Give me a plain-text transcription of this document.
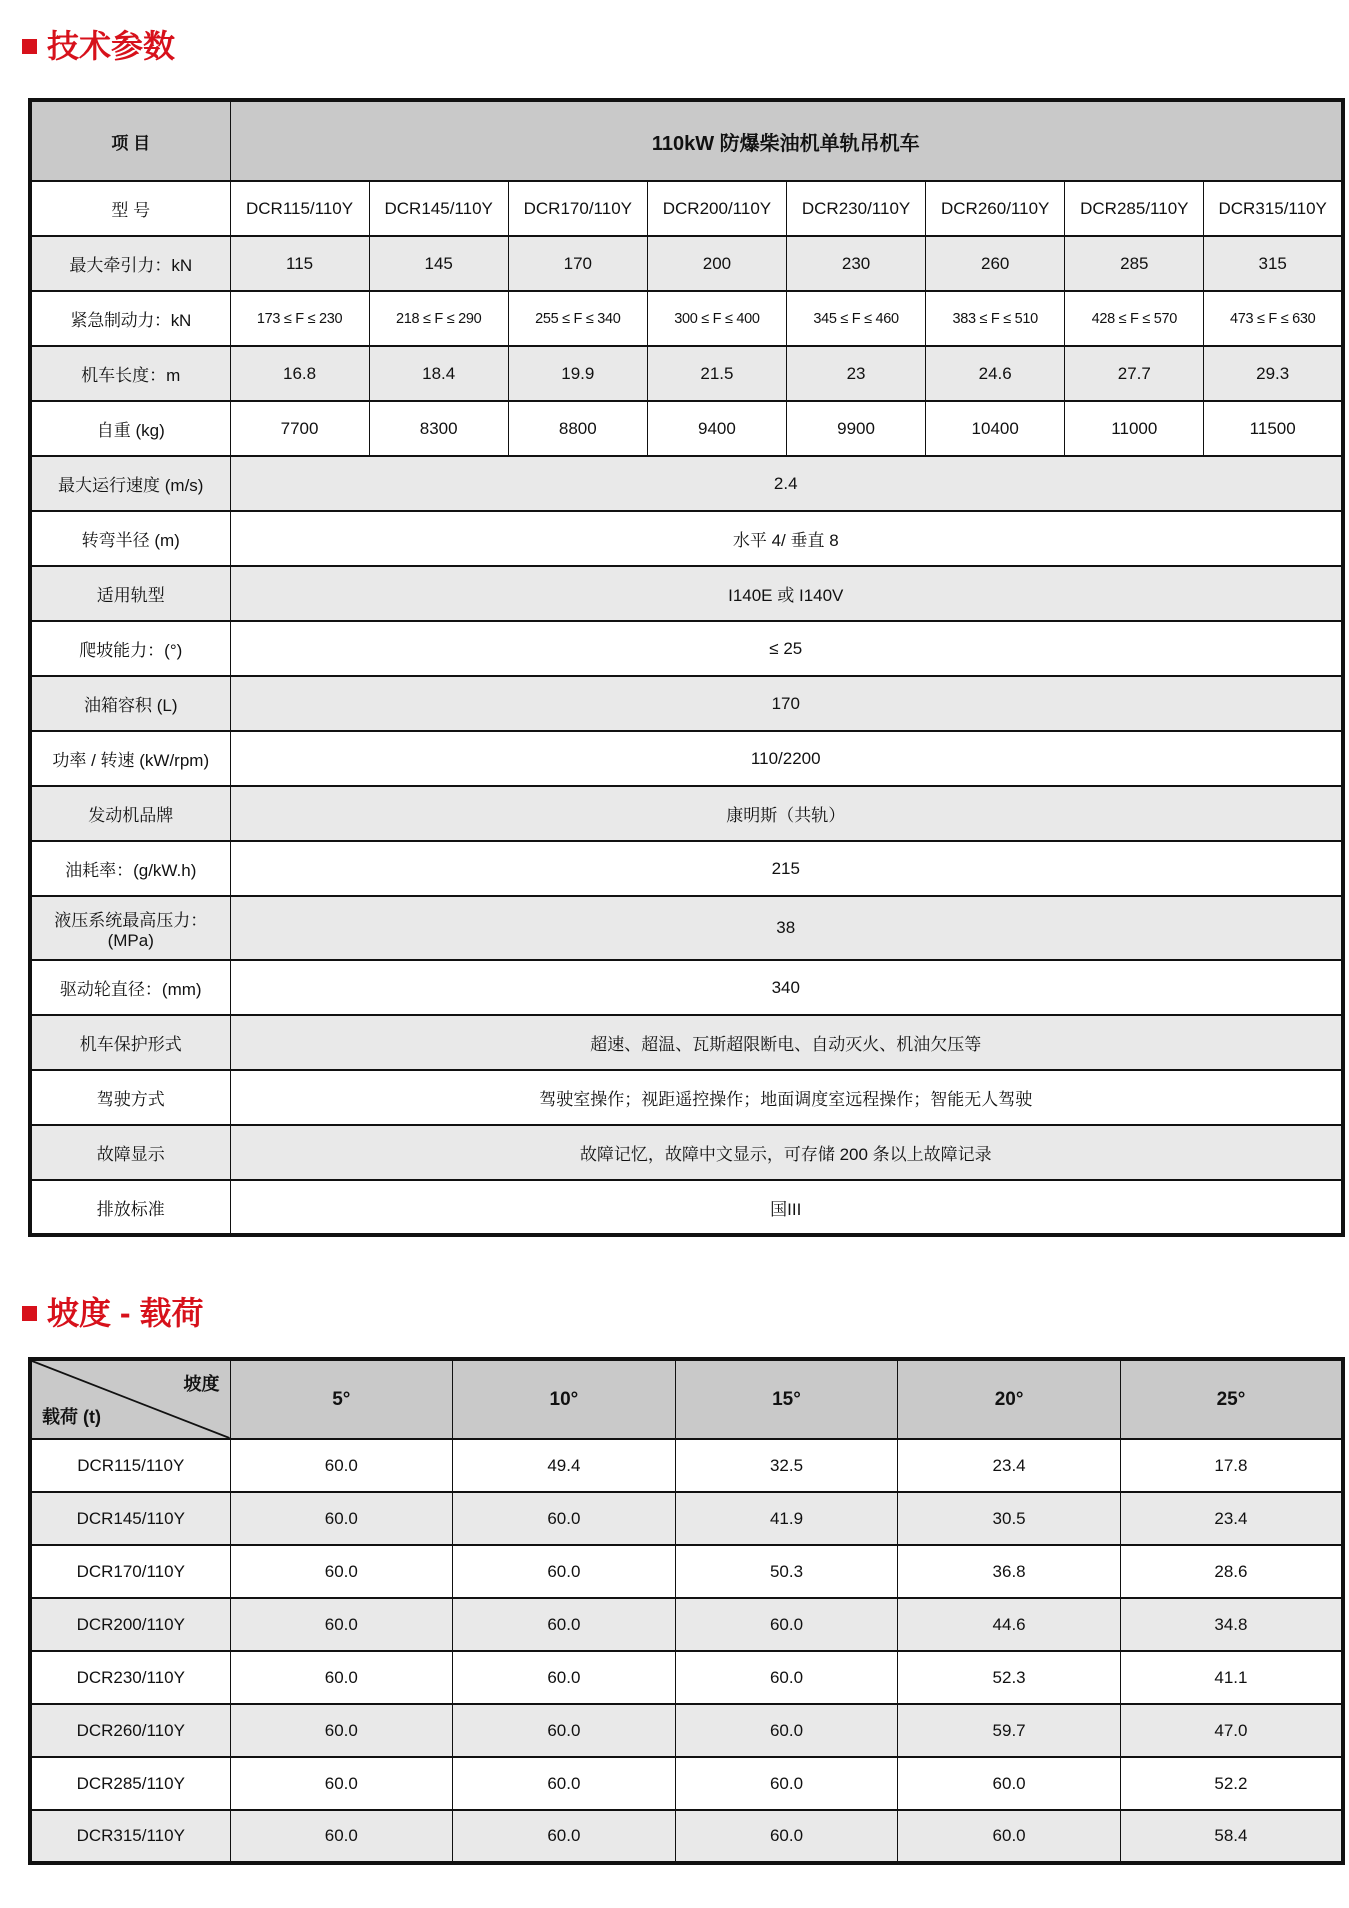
技术参数
项 目	110kW 防爆柴油机单轨吊机车							
型 号	DCR115/110Y	DCR145/110Y	DCR170/110Y	DCR200/110Y	DCR230/110Y	DCR260/110Y	DCR285/110Y	DCR315/110Y
最大牵引力：kN	115	145	170	200	230	260	285	315
紧急制动力：kN	173 ≤ F ≤ 230	218 ≤ F ≤ 290	255 ≤ F ≤ 340	300 ≤ F ≤ 400	345 ≤ F ≤ 460	383 ≤ F ≤ 510	428 ≤ F ≤ 570	473 ≤ F ≤ 630
机车长度：m	16.8	18.4	19.9	21.5	23	24.6	27.7	29.3
自重 (kg)	7700	8300	8800	9400	9900	10400	11000	11500
最大运行速度 (m/s)	2.4							
转弯半径 (m)	水平 4/ 垂直 8							
适用轨型	I140E 或 I140V							
爬坡能力：(°)	≤ 25							
油箱容积 (L)	170							
功率 / 转速 (kW/rpm)	110/2200							
发动机品牌	康明斯（共轨）							
油耗率：(g/kW.h)	215							
液压系统最高压力：(MPa)	38							
驱动轮直径：(mm)	340							
机车保护形式	超速、超温、瓦斯超限断电、自动灭火、机油欠压等							
驾驶方式	驾驶室操作；视距遥控操作；地面调度室远程操作；智能无人驾驶							
故障显示	故障记忆，故障中文显示，可存储 200 条以上故障记录							
排放标准	国III							
坡度 - 载荷
坡度
载荷 (t)	5°	10°	15°	20°	25°
DCR115/110Y	60.0	49.4	32.5	23.4	17.8
DCR145/110Y	60.0	60.0	41.9	30.5	23.4
DCR170/110Y	60.0	60.0	50.3	36.8	28.6
DCR200/110Y	60.0	60.0	60.0	44.6	34.8
DCR230/110Y	60.0	60.0	60.0	52.3	41.1
DCR260/110Y	60.0	60.0	60.0	59.7	47.0
DCR285/110Y	60.0	60.0	60.0	60.0	52.2
DCR315/110Y	60.0	60.0	60.0	60.0	58.4
